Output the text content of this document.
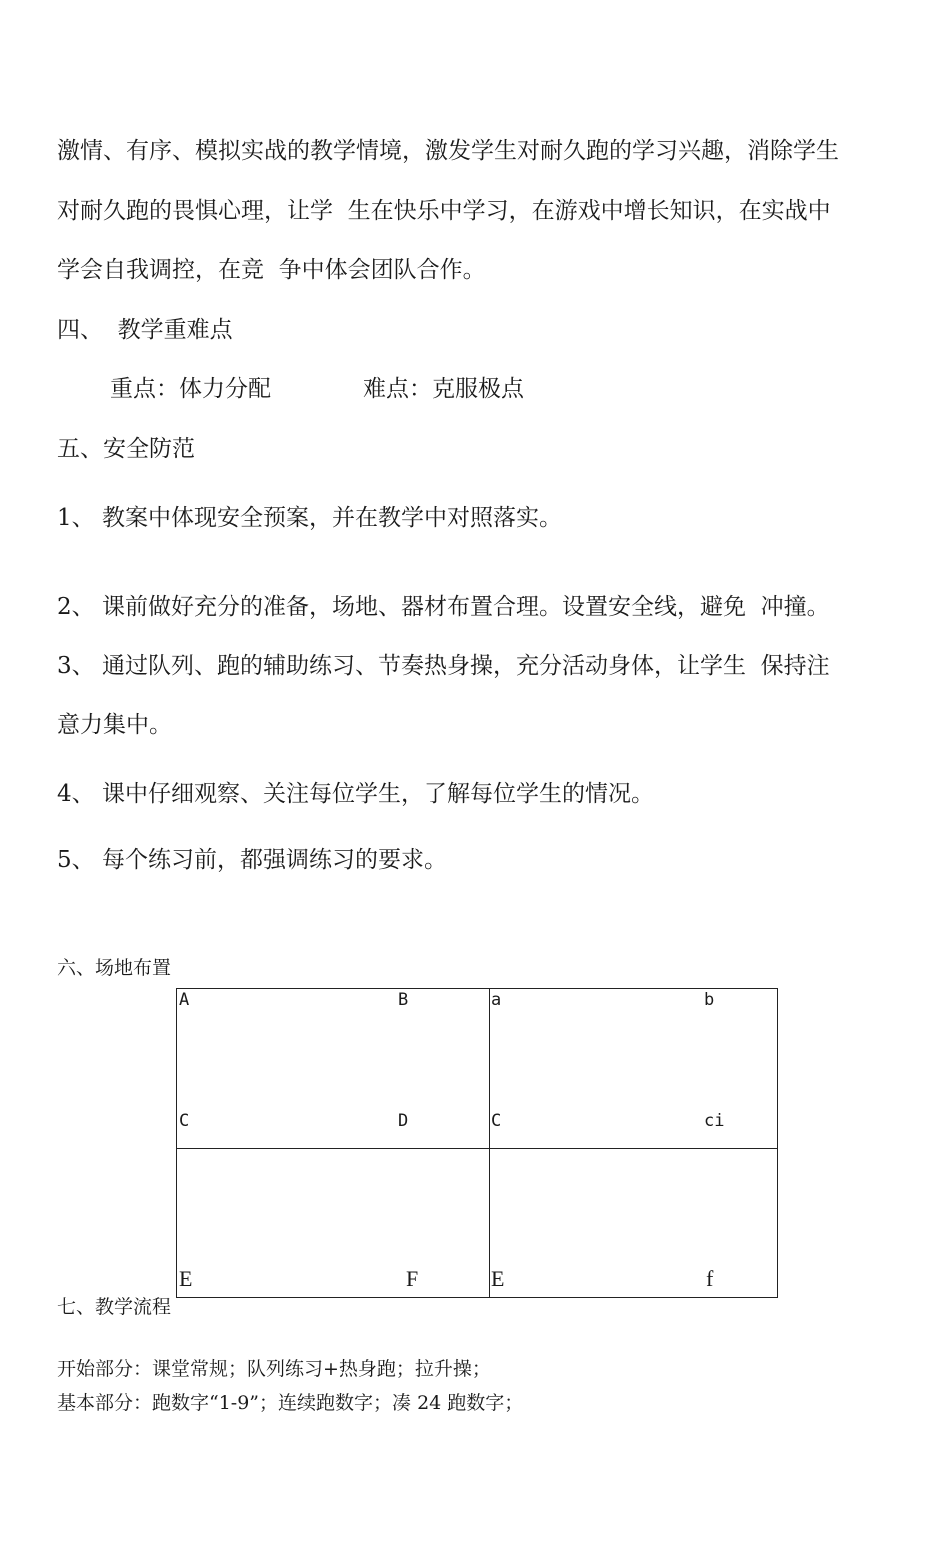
激情、有序、模拟实战的教学情境，激发学生对耐久跑的学习兴趣，消除学生
对耐久跑的畏惧心理，让学  生在快乐中学习，在游戏中增长知识，在实战中
学会自我调控，在竞  争中体会团队合作。
四、  教学重难点
重点：体力分配	难点：克服极点
五、安全防范
1、 教案中体现安全预案，并在教学中对照落实。
2、 课前做好充分的准备，场地、器材布置合理。设置安全线，避免  冲撞。
3、 通过队列、跑的辅助练习、节奏热身操，充分活动身体，让学生  保持注
意力集中。
4、 课中仔细观察、关注每位学生，了解每位学生的情况。
5、 每个练习前，都强调练习的要求。
六、场地布置
A	B	a	b
C	D	C	ci
E	F	E	f
七、教学流程
开始部分：课堂常规；队列练习+热身跑；拉升操；
基本部分：跑数字“1-9”；连续跑数字；凑 24 跑数字；
